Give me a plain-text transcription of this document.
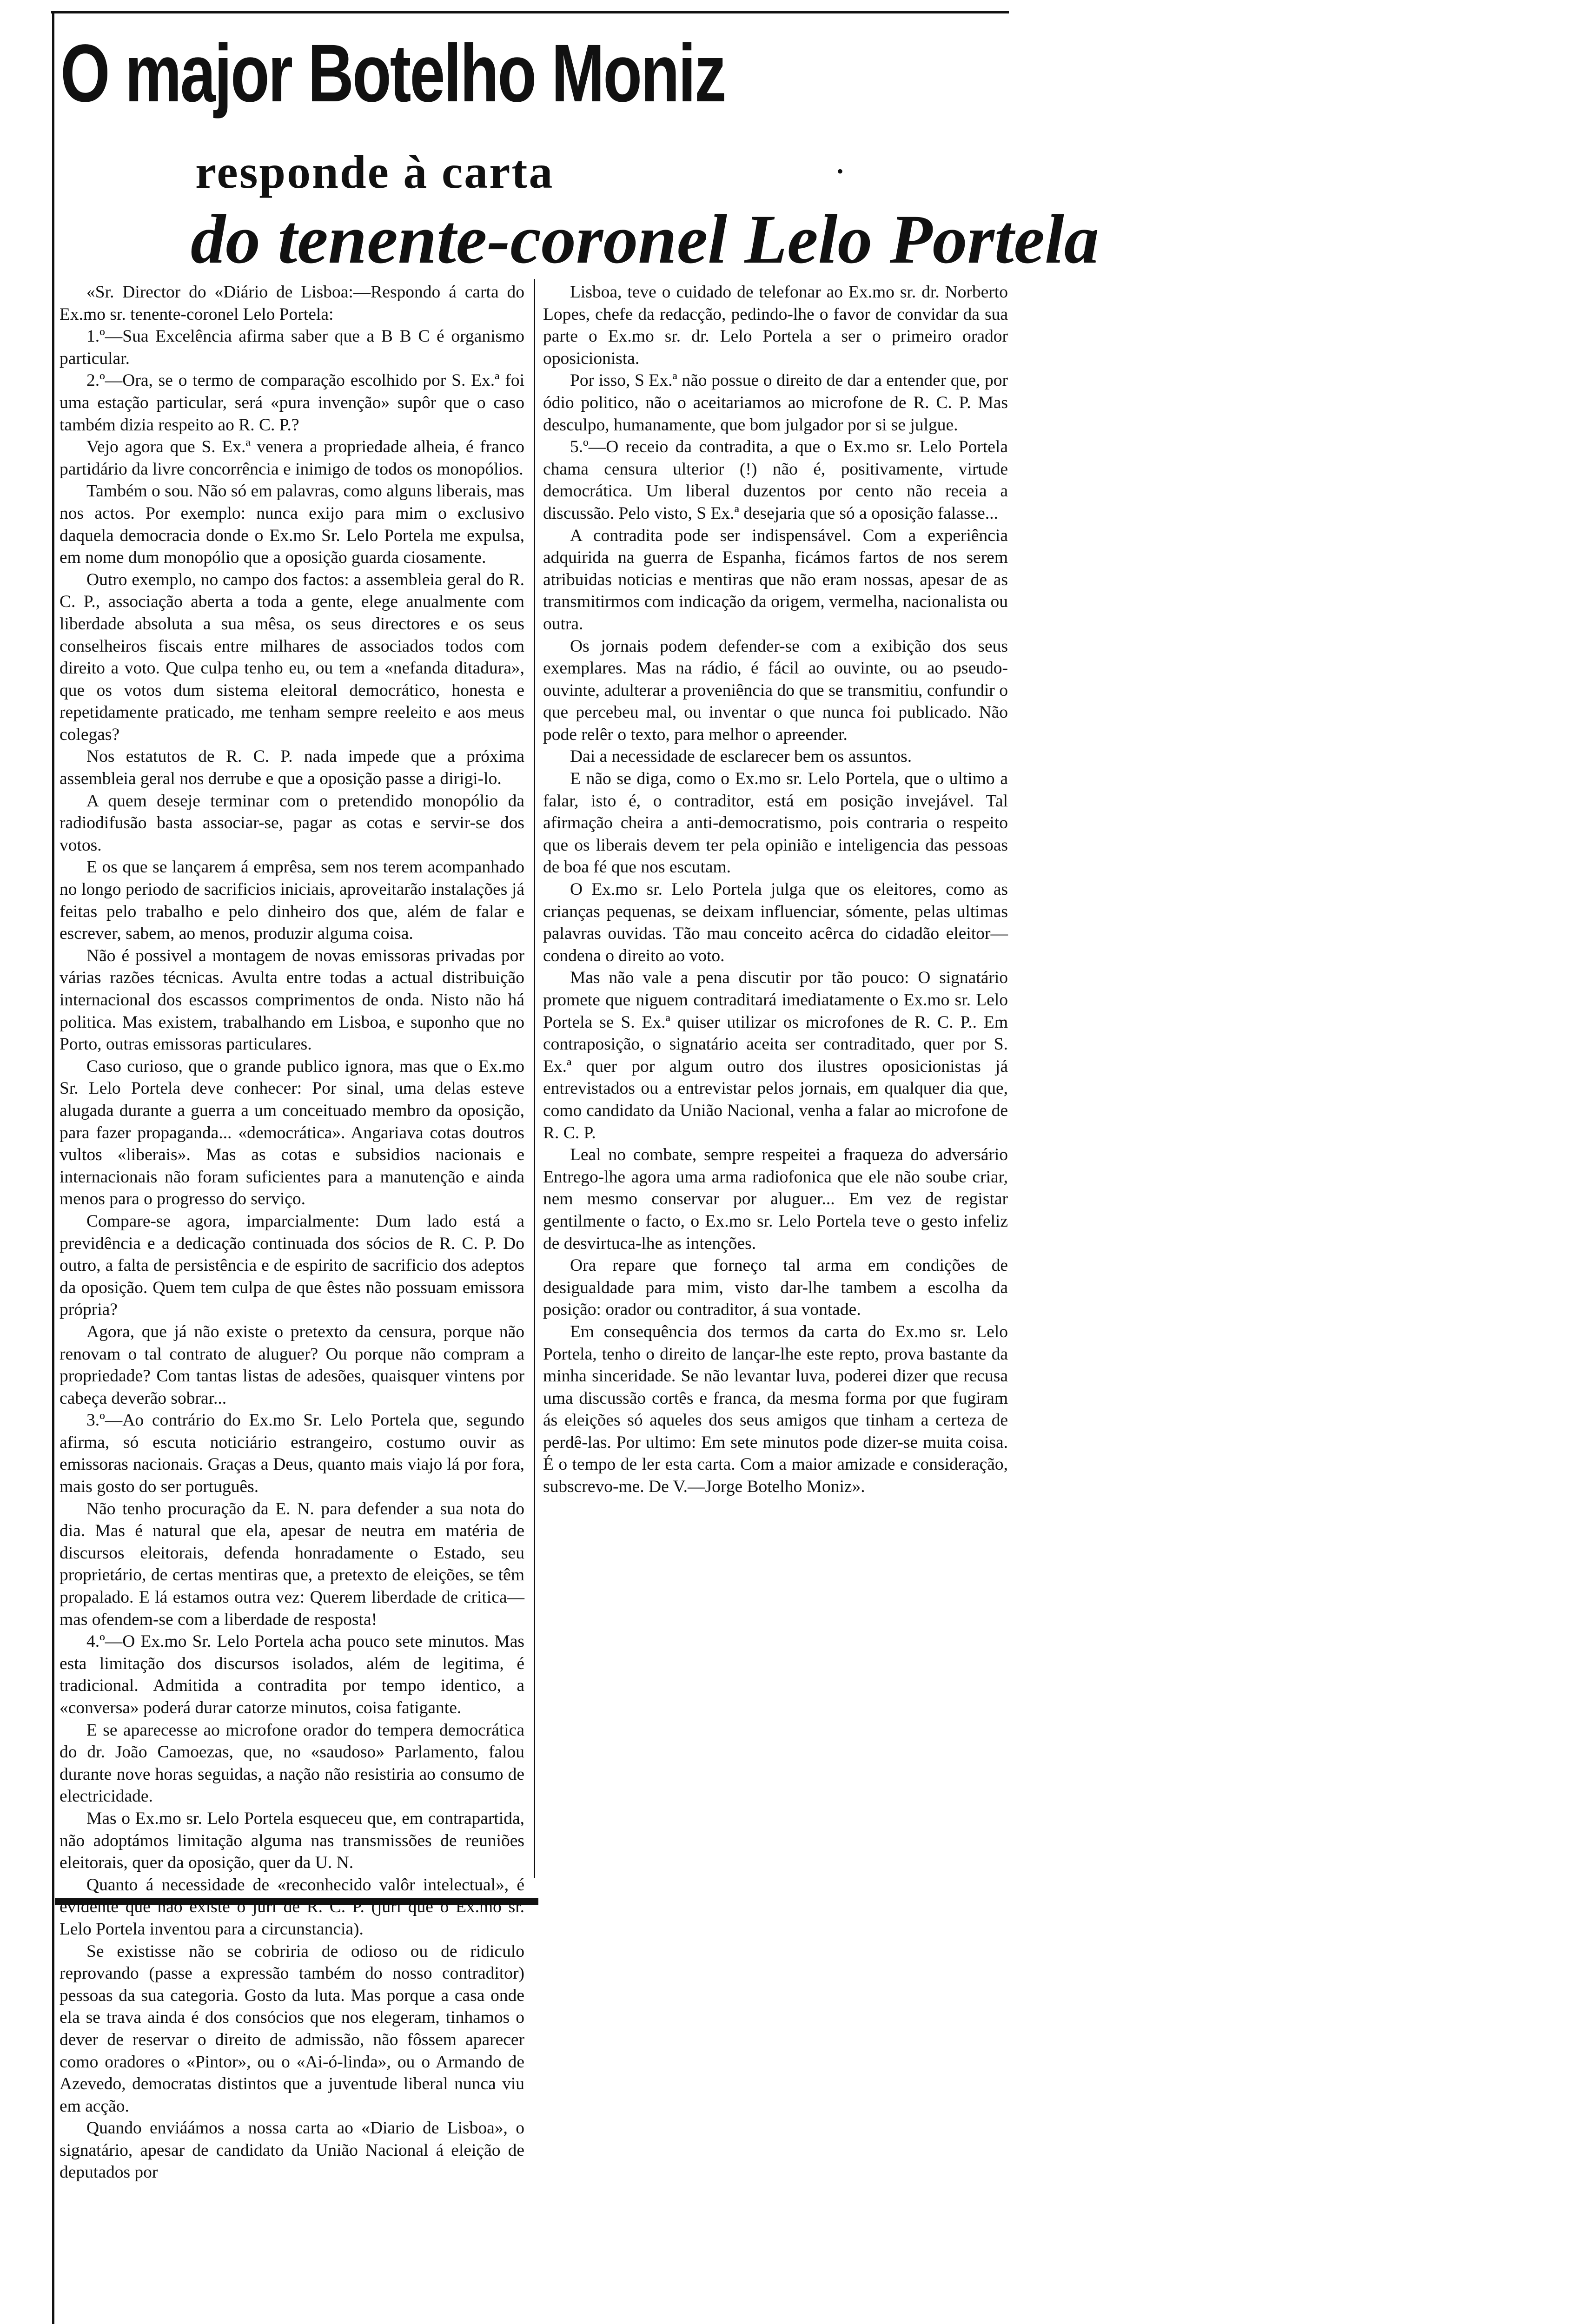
O major Botelho Moniz
responde à carta	•
do tenente-coronel Lelo Portela

«Sr. Director do «Diário de Lisboa:—Respondo á carta do Ex.mo sr. tenente-coronel Lelo Portela:

1.º—Sua Excelência afirma saber que a B B C é organismo particular.

2.º—Ora, se o termo de comparação escolhido por S. Ex.ª foi uma estação particular, será «pura invenção» supôr que o caso também dizia respeito ao R. C. P.?

Vejo agora que S. Ex.ª venera a propriedade alheia, é franco partidário da livre concorrência e inimigo de todos os monopólios.

Também o sou. Não só em palavras, como alguns liberais, mas nos actos. Por exemplo: nunca exijo para mim o exclusivo daquela democracia donde o Ex.mo Sr. Lelo Portela me expulsa, em nome dum monopólio que a oposição guarda ciosamente.

Outro exemplo, no campo dos factos: a assembleia geral do R. C. P., associação aberta a toda a gente, elege anualmente com liberdade absoluta a sua mêsa, os seus directores e os seus conselheiros fiscais entre milhares de associados todos com direito a voto. Que culpa tenho eu, ou tem a «nefanda ditadura», que os votos dum sistema eleitoral democrático, honesta e repetidamente praticado, me tenham sempre reeleito e aos meus colegas?

Nos estatutos de R. C. P. nada impede que a próxima assembleia geral nos derrube e que a oposição passe a dirigi-lo.

A quem deseje terminar com o pretendido monopólio da radiodifusão basta associar-se, pagar as cotas e servir-se dos votos.

E os que se lançarem á emprêsa, sem nos terem acompanhado no longo periodo de sacrificios iniciais, aproveitarão instalações já feitas pelo trabalho e pelo dinheiro dos que, além de falar e escrever, sabem, ao menos, produzir alguma coisa.

Não é possivel a montagem de novas emissoras privadas por várias razões técnicas. Avulta entre todas a actual distribuição internacional dos escassos comprimentos de onda. Nisto não há politica. Mas existem, trabalhando em Lisboa, e suponho que no Porto, outras emissoras particulares.

Caso curioso, que o grande publico ignora, mas que o Ex.mo Sr. Lelo Portela deve conhecer: Por sinal, uma delas esteve alugada durante a guerra a um conceituado membro da oposição, para fazer propaganda... «democrática». Angariava cotas doutros vultos «liberais». Mas as cotas e subsidios nacionais e internacionais não foram suficientes para a manutenção e ainda menos para o progresso do serviço.

Compare-se agora, imparcialmente: Dum lado está a previdência e a dedicação continuada dos sócios de R. C. P. Do outro, a falta de persistência e de espirito de sacrificio dos adeptos da oposição. Quem tem culpa de que êstes não possuam emissora própria?

Agora, que já não existe o pretexto da censura, porque não renovam o tal contrato de aluguer? Ou porque não compram a propriedade? Com tantas listas de adesões, quaisquer vintens por cabeça deverão sobrar...

3.º—Ao contrário do Ex.mo Sr. Lelo Portela que, segundo afirma, só escuta noticiário estrangeiro, costumo ouvir as emissoras nacionais. Graças a Deus, quanto mais viajo lá por fora, mais gosto do ser português.

Não tenho procuração da E. N. para defender a sua nota do dia. Mas é natural que ela, apesar de neutra em matéria de discursos eleitorais, defenda honradamente o Estado, seu proprietário, de certas mentiras que, a pretexto de eleições, se têm propalado. E lá estamos outra vez: Querem liberdade de critica—mas ofendem-se com a liberdade de resposta!

4.º—O Ex.mo Sr. Lelo Portela acha pouco sete minutos. Mas esta limitação dos discursos isolados, além de legitima, é tradicional. Admitida a contradita por tempo identico, a «conversa» poderá durar catorze minutos, coisa fatigante.

E se aparecesse ao microfone orador do tempera democrática do dr. João Camoezas, que, no «saudoso» Parlamento, falou durante nove horas seguidas, a nação não resistiria ao consumo de electricidade.

Mas o Ex.mo sr. Lelo Portela esqueceu que, em contrapartida, não adoptámos limitação alguma nas transmissões de reuniões eleitorais, quer da oposição, quer da U. N.

Quanto á necessidade de «reconhecido valôr intelectual», é evidente que não existe o juri de R. C. P. (juri que o Ex.mo sr. Lelo Portela inventou para a circunstancia).

Se existisse não se cobriria de odioso ou de ridiculo reprovando (passe a expressão também do nosso contraditor) pessoas da sua categoria. Gosto da luta. Mas porque a casa onde ela se trava ainda é dos consócios que nos elegeram, tinhamos o dever de reservar o direito de admissão, não fôssem aparecer como oradores o «Pintor», ou o «Ai-ó-linda», ou o Armando de Azevedo, democratas distintos que a juventude liberal nunca viu em acção.

Quando enviáámos a nossa carta ao «Diario de Lisboa», o signatário, apesar de candidato da União Nacional á eleição de deputados por

Lisboa, teve o cuidado de telefonar ao Ex.mo sr. dr. Norberto Lopes, chefe da redacção, pedindo-lhe o favor de convidar da sua parte o Ex.mo sr. dr. Lelo Portela a ser o primeiro orador oposicionista.

Por isso, S Ex.ª não possue o direito de dar a entender que, por ódio politico, não o aceitariamos ao microfone de R. C. P. Mas desculpo, humanamente, que bom julgador por si se julgue.

5.º—O receio da contradita, a que o Ex.mo sr. Lelo Portela chama censura ulterior (!) não é, positivamente, virtude democrática. Um liberal duzentos por cento não receia a discussão. Pelo visto, S Ex.ª desejaria que só a oposição falasse...

A contradita pode ser indispensável. Com a experiência adquirida na guerra de Espanha, ficámos fartos de nos serem atribuidas noticias e mentiras que não eram nossas, apesar de as transmitirmos com indicação da origem, vermelha, nacionalista ou outra.

Os jornais podem defender-se com a exibição dos seus exemplares. Mas na rádio, é fácil ao ouvinte, ou ao pseudo-ouvinte, adulterar a proveniência do que se transmitiu, confundir o que percebeu mal, ou inventar o que nunca foi publicado. Não pode relêr o texto, para melhor o apreender.

Dai a necessidade de esclarecer bem os assuntos.

E não se diga, como o Ex.mo sr. Lelo Portela, que o ultimo a falar, isto é, o contraditor, está em posição invejável. Tal afirmação cheira a anti-democratismo, pois contraria o respeito que os liberais devem ter pela opinião e inteligencia das pessoas de boa fé que nos escutam.

O Ex.mo sr. Lelo Portela julga que os eleitores, como as crianças pequenas, se deixam influenciar, sómente, pelas ultimas palavras ouvidas. Tão mau conceito acêrca do cidadão eleitor—condena o direito ao voto.

Mas não vale a pena discutir por tão pouco: O signatário promete que niguem contraditará imediatamente o Ex.mo sr. Lelo Portela se S. Ex.ª quiser utilizar os microfones de R. C. P.. Em contraposição, o signatário aceita ser contraditado, quer por S. Ex.ª quer por algum outro dos ilustres oposicionistas já entrevistados ou a entrevistar pelos jornais, em qualquer dia que, como candidato da União Nacional, venha a falar ao microfone de R. C. P.

Leal no combate, sempre respeitei a fraqueza do adversário Entrego-lhe agora uma arma radiofonica que ele não soube criar, nem mesmo conservar por aluguer... Em vez de registar gentilmente o facto, o Ex.mo sr. Lelo Portela teve o gesto infeliz de desvirtuca-lhe as intenções.

Ora repare que forneço tal arma em condições de desigualdade para mim, visto dar-lhe tambem a escolha da posição: orador ou contraditor, á sua vontade.

Em consequência dos termos da carta do Ex.mo sr. Lelo Portela, tenho o direito de lançar-lhe este repto, prova bastante da minha sinceridade. Se não levantar luva, poderei dizer que recusa uma discussão cortês e franca, da mesma forma por que fugiram ás eleições só aqueles dos seus amigos que tinham a certeza de perdê-las. Por ultimo: Em sete minutos pode dizer-se muita coisa. É o tempo de ler esta carta. Com a maior amizade e consideração, subscrevo-me. De V.—Jorge Botelho Moniz».
